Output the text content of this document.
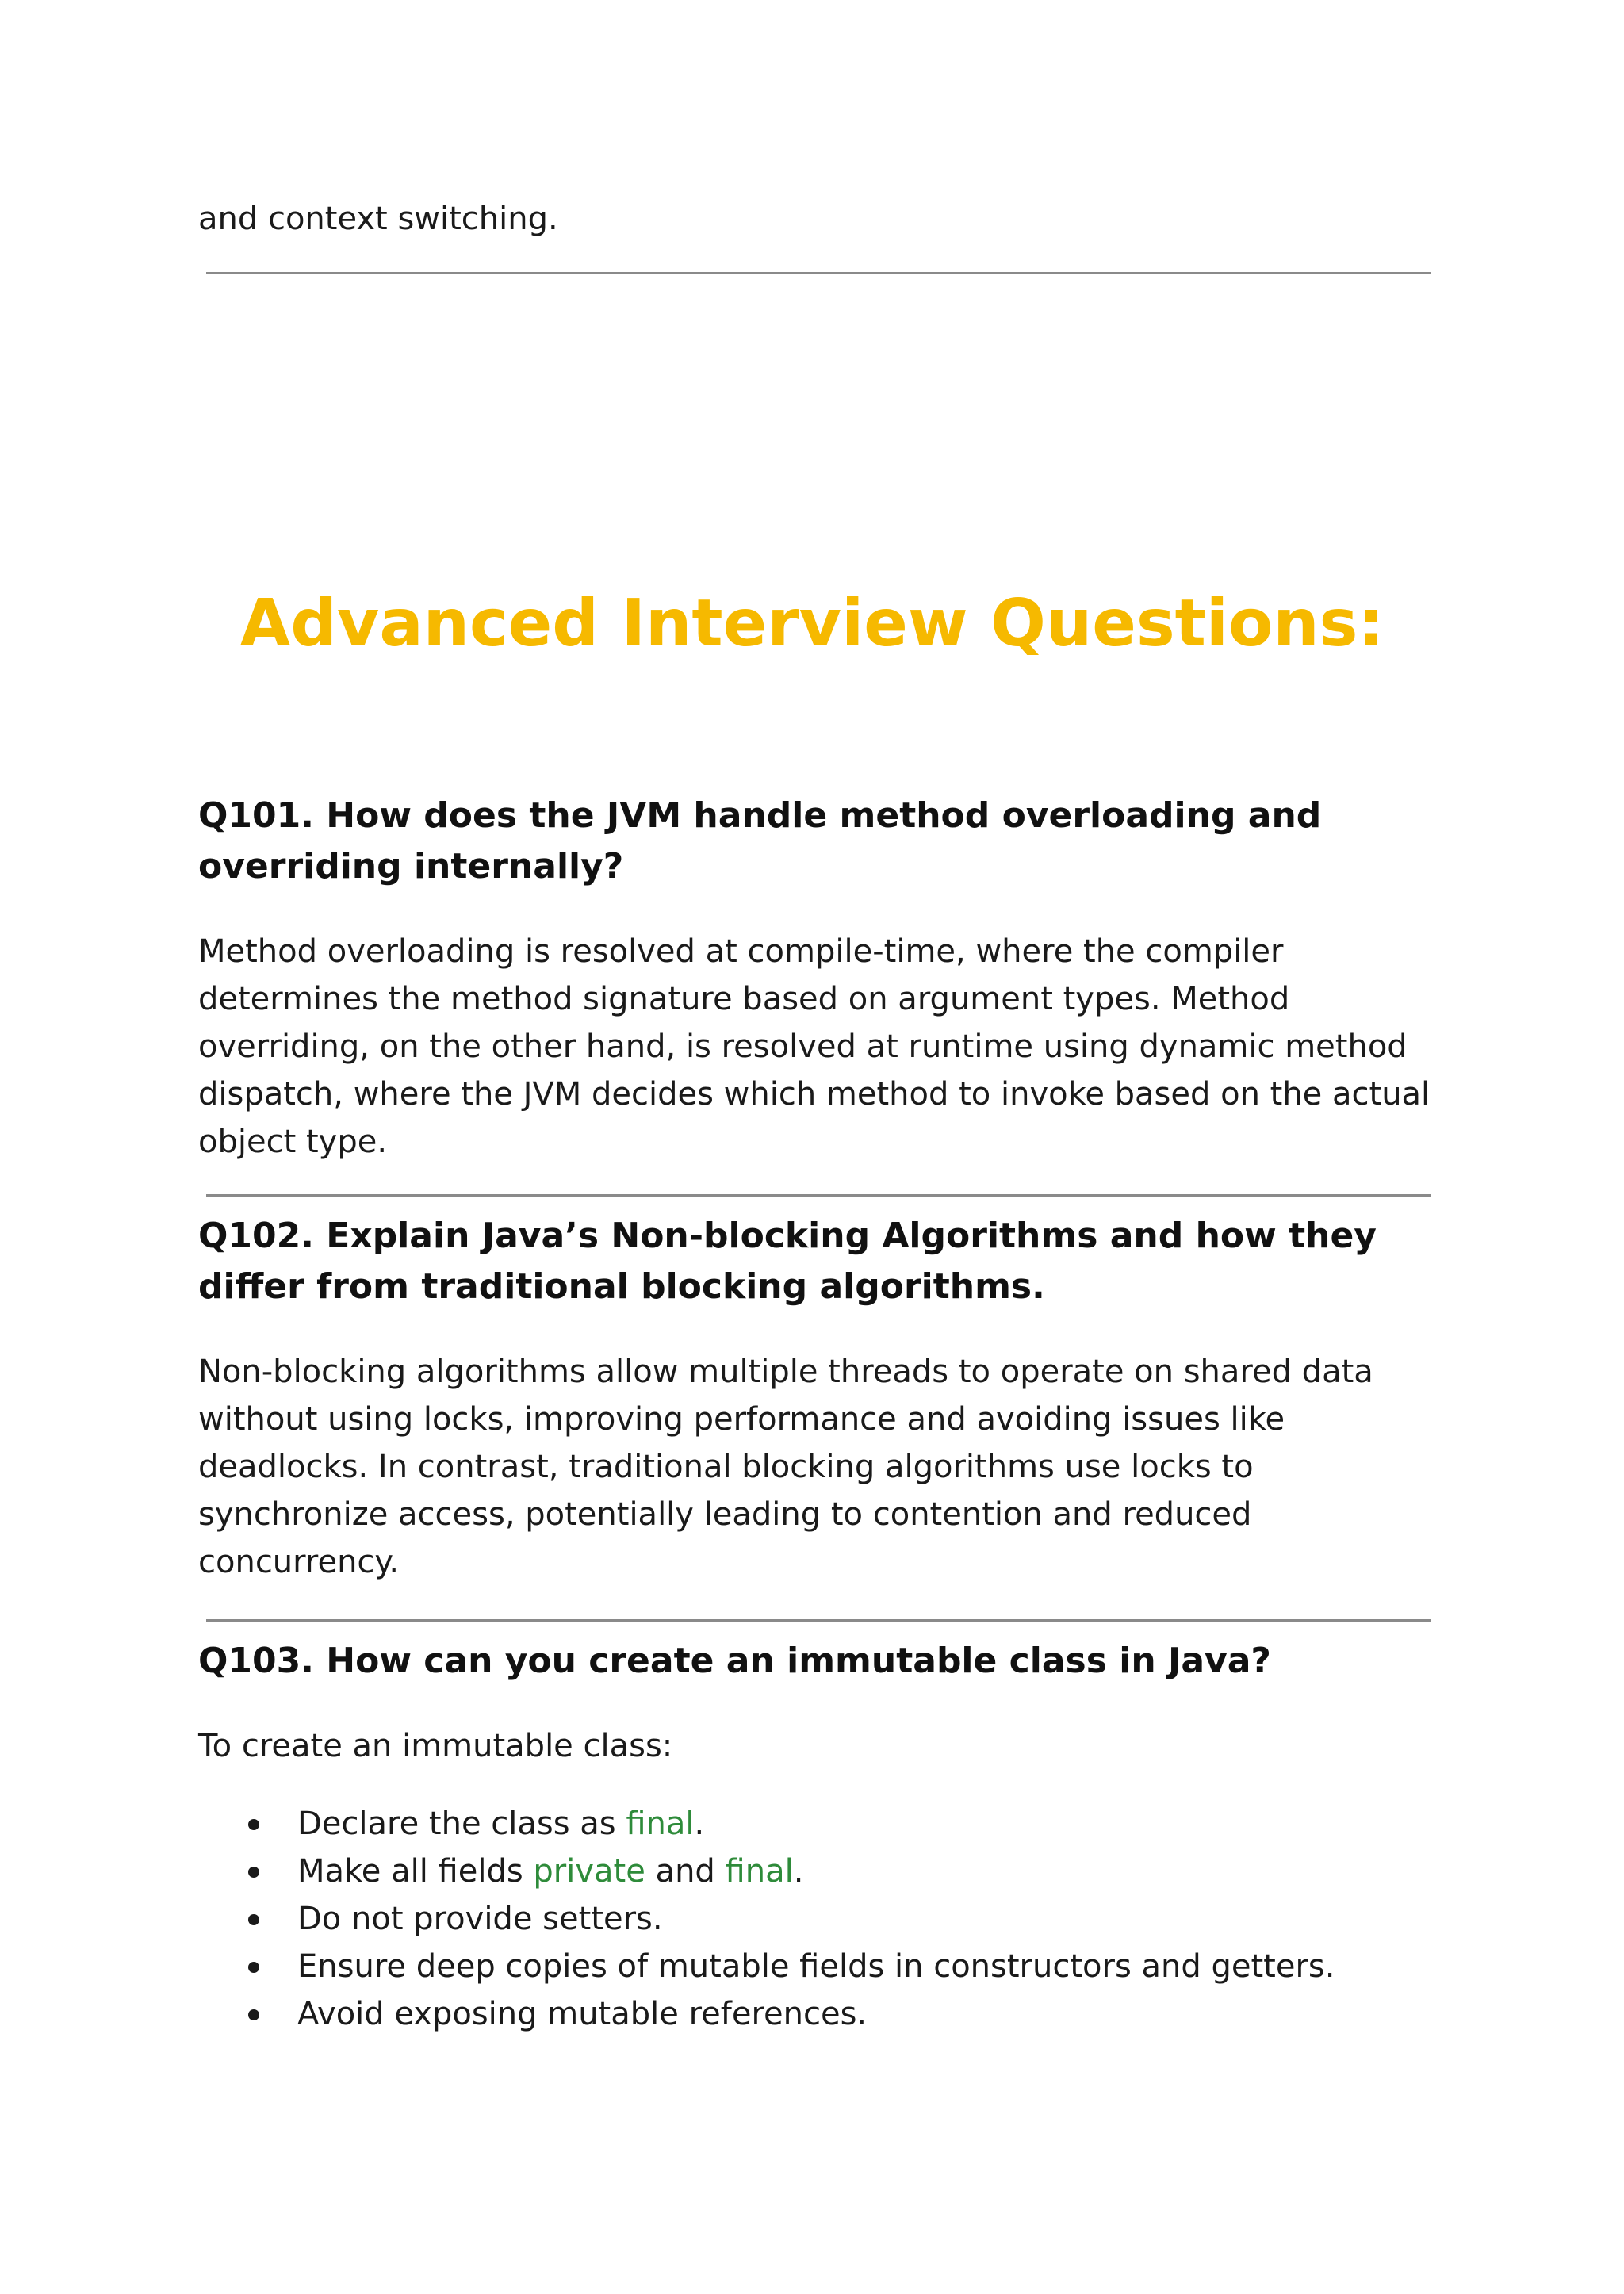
and context switching.

Advanced Interview Questions:
Q101. How does the JVM handle method overloading and overriding internally?

Method overloading is resolved at compile-time, where the compiler determines the method signature based on argument types. Method overriding, on the other hand, is resolved at runtime using dynamic method dispatch, where the JVM decides which method to invoke based on the actual object type.

Q102. Explain Java’s Non-blocking Algorithms and how they differ from traditional blocking algorithms.

Non-blocking algorithms allow multiple threads to operate on shared data without using locks, improving performance and avoiding issues like deadlocks. In contrast, traditional blocking algorithms use locks to synchronize access, potentially leading to contention and reduced concurrency.

Q103. How can you create an immutable class in Java?

To create an immutable class:

Declare the class as final.
Make all fields private and final.
Do not provide setters.
Ensure deep copies of mutable fields in constructors and getters.
Avoid exposing mutable references.
